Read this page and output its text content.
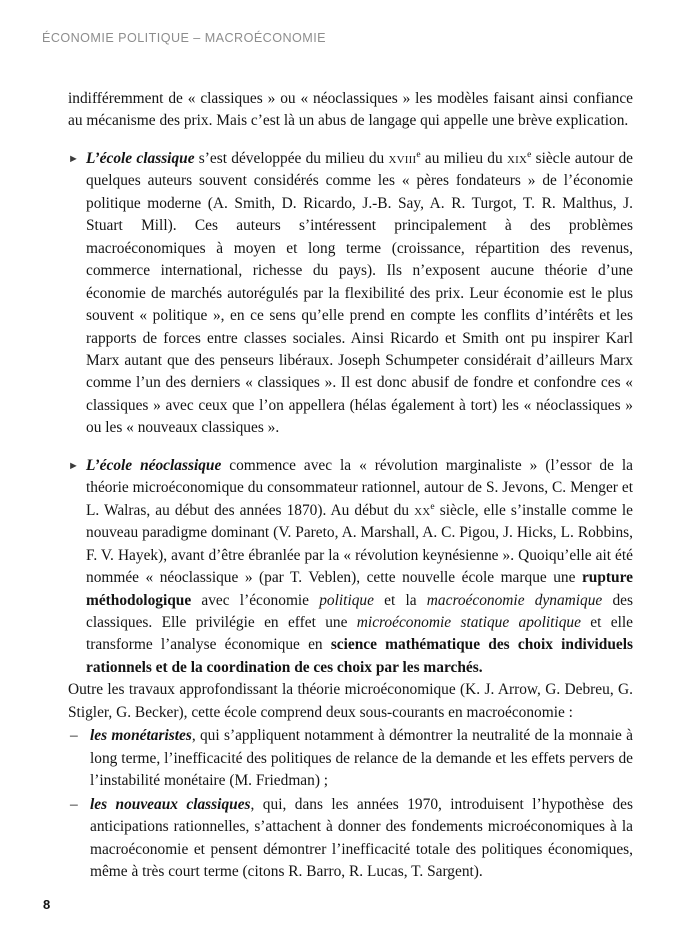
ÉCONOMIE POLITIQUE – MACROÉCONOMIE

indifféremment de « classiques » ou « néoclassiques » les modèles faisant ainsi confiance au mécanisme des prix. Mais c’est là un abus de langage qui appelle une brève explication.

► L’école classique s’est développée du milieu du xviii$^e$ au milieu du xix$^e$ siècle autour de quelques auteurs souvent considérés comme les « pères fondateurs » de l’économie politique moderne (A. Smith, D. Ricardo, J.-B. Say, A. R. Turgot, T. R. Malthus, J. Stuart Mill). Ces auteurs s’intéressent principalement à des problèmes macroéconomiques à moyen et long terme (croissance, répartition des revenus, commerce international, richesse du pays). Ils n’exposent aucune théorie d’une économie de marchés autorégulés par la flexibilité des prix. Leur économie est le plus souvent « politique », en ce sens qu’elle prend en compte les conflits d’intérêts et les rapports de forces entre classes sociales. Ainsi Ricardo et Smith ont pu inspirer Karl Marx autant que des penseurs libéraux. Joseph Schumpeter considérait d’ailleurs Marx comme l’un des derniers « classiques ». Il est donc abusif de fondre et confondre ces « classiques » avec ceux que l’on appellera (hélas également à tort) les « néoclassiques » ou les « nouveaux classiques ».

► L’école néoclassique commence avec la « révolution marginaliste » (l’essor de la théorie microéconomique du consommateur rationnel, autour de S. Jevons, C. Menger et L. Walras, au début des années 1870). Au début du $xx^e$ siècle, elle s’installe comme le nouveau paradigme dominant (V. Pareto, A. Marshall, A. C. Pigou, J. Hicks, L. Robbins, F. V. Hayek), avant d’être ébranlée par la « révolution keynésienne ». Quoiqu’elle ait été nommée « néoclassique » (par T. Veblen), cette nouvelle école marque une rupture méthodologique avec l’économie politique et la macroéconomie dynamique des classiques. Elle privilégie en effet une microéconomie statique apolitique et elle transforme l’analyse économique en science mathématique des choix individuels rationnels et de la coordination de ces choix par les marchés.

Outre les travaux approfondissant la théorie microéconomique (K. J. Arrow, G. Debreu, G. Stigler, G. Becker), cette école comprend deux sous-courants en macroéconomie :

– les monétaristes, qui s’appliquent notamment à démontrer la neutralité de la monnaie à long terme, l’inefficacité des politiques de relance de la demande et les effets pervers de l’instabilité monétaire (M. Friedman) ;
– les nouveaux classiques, qui, dans les années 1970, introduisent l’hypothèse des anticipations rationnelles, s’attachent à donner des fondements microéconomiques à la macroéconomie et pensent démontrer l’inefficacité totale des politiques économiques, même à très court terme (citons R. Barro, R. Lucas, T. Sargent).
8
